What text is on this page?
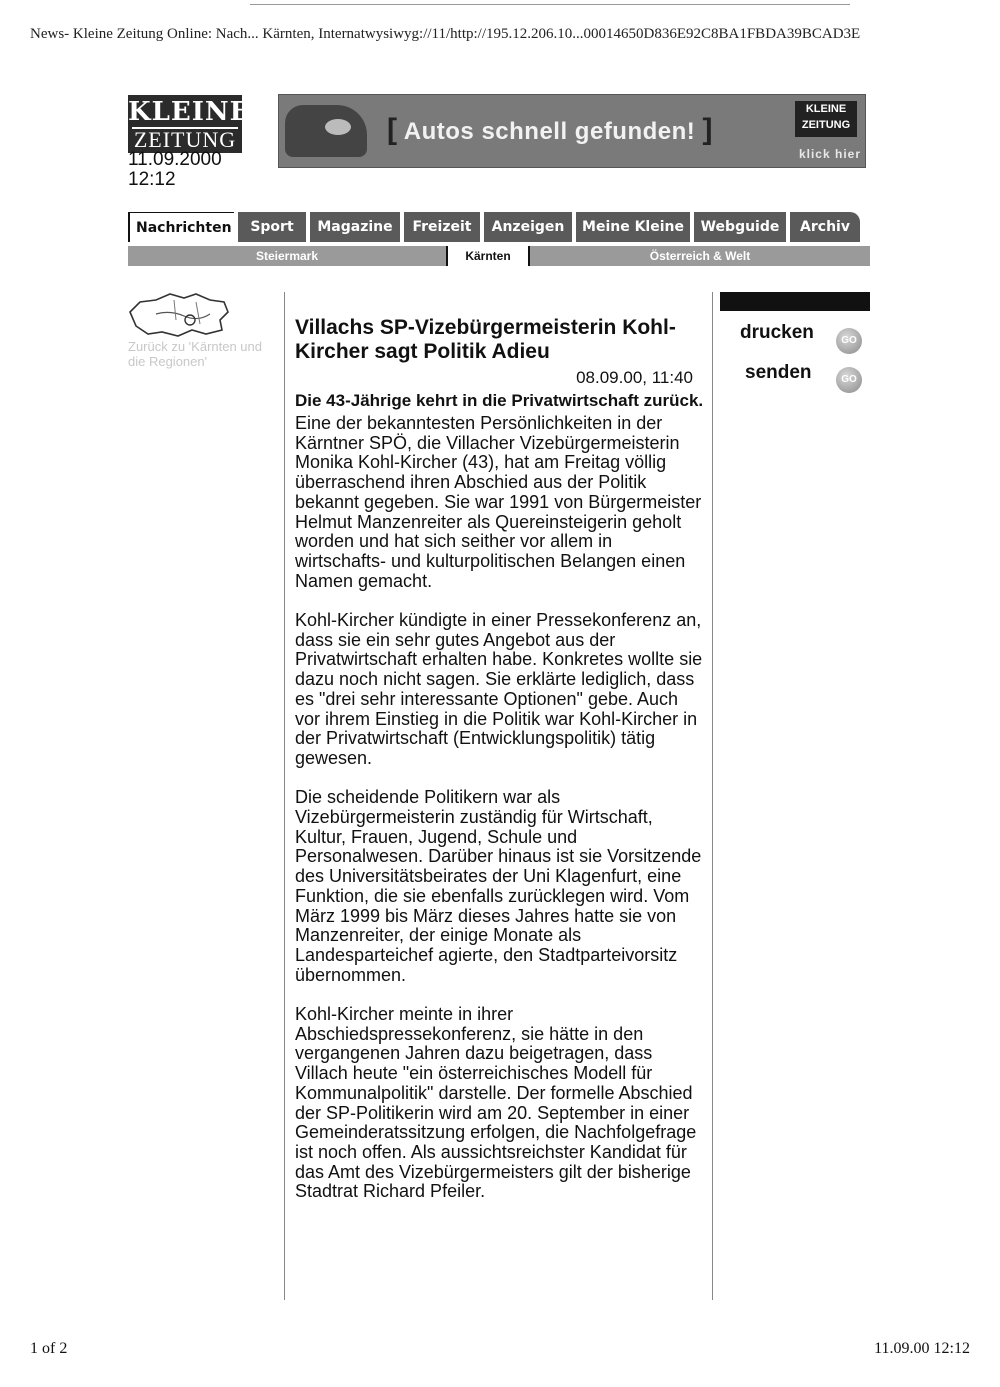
News- Kleine Zeitung Online: Nach... Kärnten, Internatwysiwyg://11/http://195.12.206.10...00014650D836E92C8BA1FBDA39BCAD3E
KLEINE
ZEITUNG
11.09.2000
12:12
[ Autos schnell gefunden! ]
KLEINE
ZEITUNG
klick hier
Nachrichten	Sport	Magazine	Freizeit	Anzeigen	Meine Kleine	Webguide	Archiv
Steiermark	Kärnten	Österreich & Welt
Zurück zu 'Kärnten und die Regionen'
Villachs SP-Vizebürgermeisterin Kohl-Kircher sagt Politik Adieu
08.09.00, 11:40
Die 43-Jährige kehrt in die Privatwirtschaft zurück.

Eine der bekanntesten Persönlichkeiten in der Kärntner SPÖ, die Villacher Vizebürgermeisterin Monika Kohl-Kircher (43), hat am Freitag völlig überraschend ihren Abschied aus der Politik bekannt gegeben. Sie war 1991 von Bürgermeister Helmut Manzenreiter als Quereinsteigerin geholt worden und hat sich seither vor allem in wirtschafts- und kulturpolitischen Belangen einen Namen gemacht.

Kohl-Kircher kündigte in einer Pressekonferenz an, dass sie ein sehr gutes Angebot aus der Privatwirtschaft erhalten habe. Konkretes wollte sie dazu noch nicht sagen. Sie erklärte lediglich, dass es "drei sehr interessante Optionen" gebe. Auch vor ihrem Einstieg in die Politik war Kohl-Kircher in der Privatwirtschaft (Entwicklungspolitik) tätig gewesen.

Die scheidende Politikern war als Vizebürgermeisterin zuständig für Wirtschaft, Kultur, Frauen, Jugend, Schule und Personalwesen. Darüber hinaus ist sie Vorsitzende des Universitätsbeirates der Uni Klagenfurt, eine Funktion, die sie ebenfalls zurücklegen wird. Vom März 1999 bis März dieses Jahres hatte sie von Manzenreiter, der einige Monate als Landesparteichef agierte, den Stadtparteivorsitz übernommen.

Kohl-Kircher meinte in ihrer Abschiedspressekonferenz, sie hätte in den vergangenen Jahren dazu beigetragen, dass Villach heute "ein österreichisches Modell für Kommunalpolitik" darstelle. Der formelle Abschied der SP-Politikerin wird am 20. September in einer Gemeinderatssitzung erfolgen, die Nachfolgefrage ist noch offen. Als aussichtsreichster Kandidat für das Amt des Vizebürgermeisters gilt der bisherige Stadtrat Richard Pfeiler.

drucken	GO
senden	GO
1 of 2	11.09.00 12:12
